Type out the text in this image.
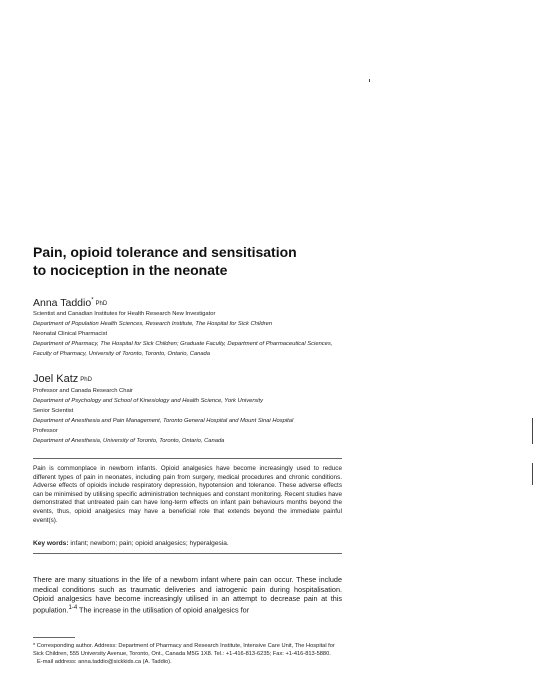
Pain, opioid tolerance and sensitisation
to nociception in the neonate
Anna Taddio*PhD
Scientist and Canadian Institutes for Health Research New Investigator
Department of Population Health Sciences, Research Institute, The Hospital for Sick Children
Neonatal Clinical Pharmacist
Department of Pharmacy, The Hospital for Sick Children; Graduate Faculty, Department of Pharmaceutical Sciences,
Faculty of Pharmacy, University of Toronto, Toronto, Ontario, Canada
Joel Katz PhD
Professor and Canada Research Chair
Department of Psychology and School of Kinesiology and Health Science, York University
Senior Scientist
Department of Anesthesia and Pain Management, Toronto General Hospital and Mount Sinai Hospital
Professor
Department of Anesthesia, University of Toronto, Toronto, Ontario, Canada
Pain is commonplace in newborn infants. Opioid analgesics have become increasingly used to reduce different types of pain in neonates, including pain from surgery, medical procedures and chronic conditions. Adverse effects of opioids include respiratory depression, hypotension and tolerance. These adverse effects can be minimised by utilising specific administration techniques and constant monitoring. Recent studies have demonstrated that untreated pain can have long-term effects on infant pain behaviours months beyond the events, thus, opioid analgesics may have a beneficial role that extends beyond the immediate painful event(s).
Key words: infant; newborn; pain; opioid analgesics; hyperalgesia.
There are many situations in the life of a newborn infant where pain can occur. These include medical conditions such as traumatic deliveries and iatrogenic pain during hospitalisation. Opioid analgesics have become increasingly utilised in an attempt to decrease pain at this population.$^{1-4}$ The increase in the utilisation of opioid analgesics for
* Corresponding author. Address: Department of Pharmacy and Research Institute, Intensive Care Unit, The Hospital for Sick Children, 555 University Avenue, Toronto, Ont., Canada M5G 1X8. Tel.: +1-416-813-6235; Fax: +1-416-813-5880.
E-mail address: anna.taddio@sickkids.ca (A. Taddio).
